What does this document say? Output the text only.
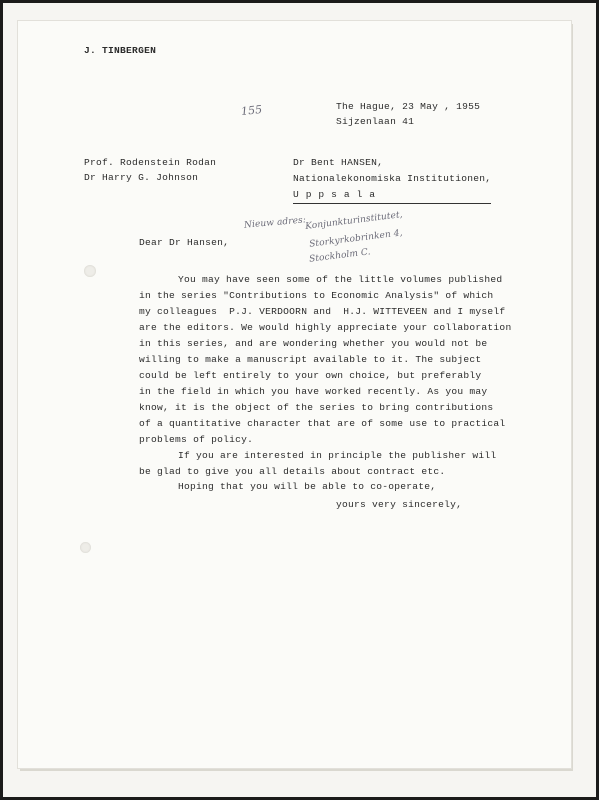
J. TINBERGEN
155	The Hague, 23 May , 1955
Sijzenlaan 41
Prof. Rodenstein Rodan
Dr Harry G. Johnson
Dr Bent HANSEN,
Nationalekonomiska Institutionen,
U p p s a l a
Nieuw adres:
Konjunkturinstitutet,
Storkyrkobrinken 4,
Stockholm C.
Dear Dr Hansen,
You may have seen some of the little volumes published
in the series "Contributions to Economic Analysis" of which
my colleagues  P.J. VERDOORN and  H.J. WITTEVEEN and I myself
are the editors. We would highly appreciate your collaboration
in this series, and are wondering whether you would not be
willing to make a manuscript available to it. The subject
could be left entirely to your own choice, but preferably
in the field in which you have worked recently. As you may
know, it is the object of the series to bring contributions
of a quantitative character that are of some use to practical
problems of policy.
If you are interested in principle the publisher will
be glad to give you all details about contract etc.
Hoping that you will be able to co-operate,
yours very sincerely,
